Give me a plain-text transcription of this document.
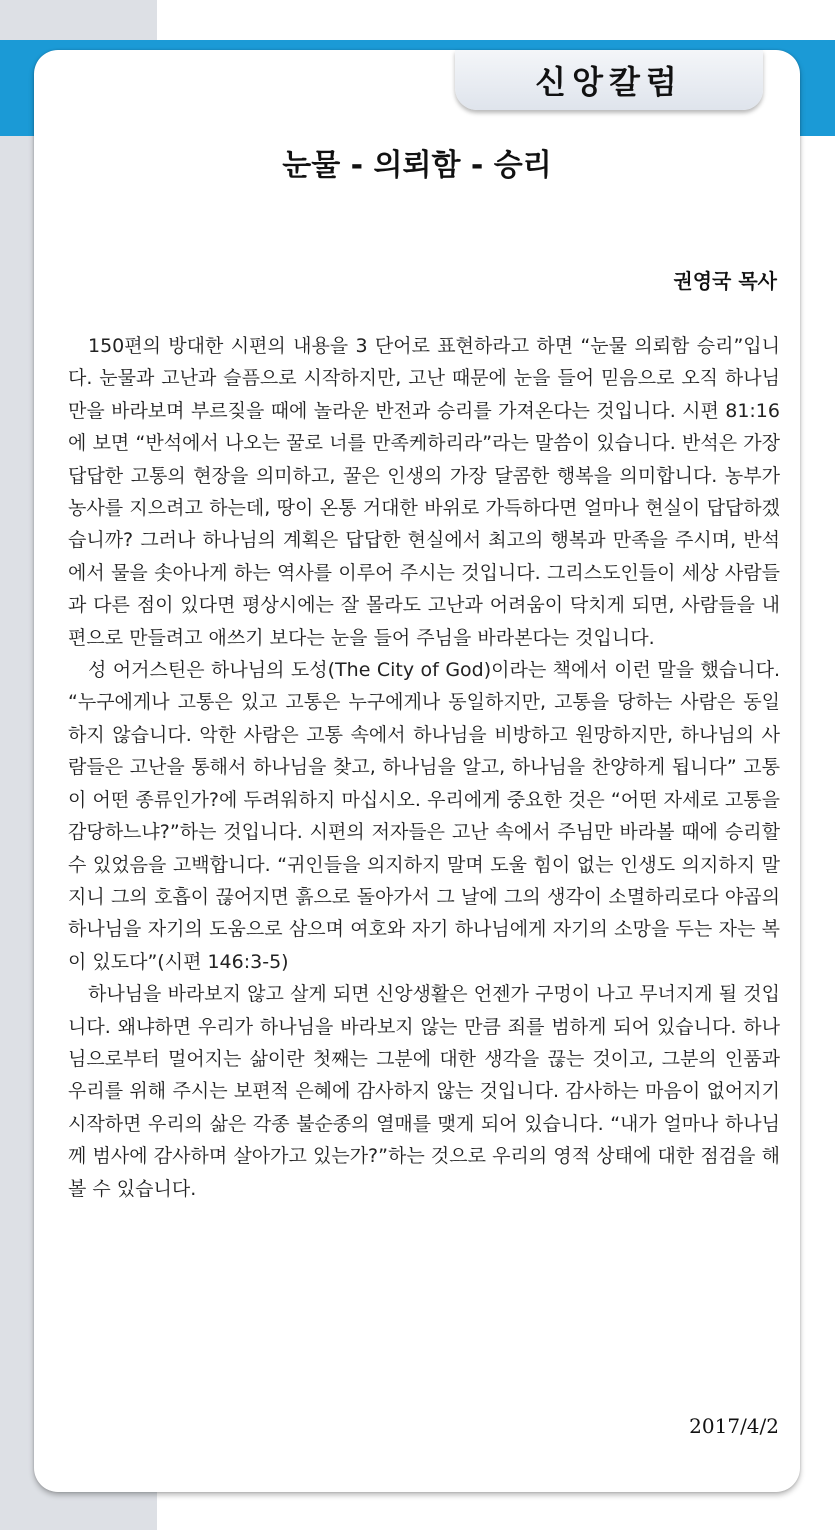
신앙칼럼
눈물 - 의뢰함 - 승리
권영국 목사

150편의 방대한 시편의 내용을 3 단어로 표현하라고 하면 “눈물 의뢰함 승리”입니다. 눈물과 고난과 슬픔으로 시작하지만, 고난 때문에 눈을 들어 믿음으로 오직 하나님만을 바라보며 부르짖을 때에 놀라운 반전과 승리를 가져온다는 것입니다. 시편 81:16에 보면 “반석에서 나오는 꿀로 너를 만족케하리라”라는 말씀이 있습니다. 반석은 가장 답답한 고통의 현장을 의미하고, 꿀은 인생의 가장 달콤한 행복을 의미합니다. 농부가 농사를 지으려고 하는데, 땅이 온통 거대한 바위로 가득하다면 얼마나 현실이 답답하겠습니까? 그러나 하나님의 계획은 답답한 현실에서 최고의 행복과 만족을 주시며, 반석에서 물을 솟아나게 하는 역사를 이루어 주시는 것입니다. 그리스도인들이 세상 사람들과 다른 점이 있다면 평상시에는 잘 몰라도 고난과 어려움이 닥치게 되면, 사람들을 내편으로 만들려고 애쓰기 보다는 눈을 들어 주님을 바라본다는 것입니다.

성 어거스틴은 하나님의 도성(The City of God)이라는 책에서 이런 말을 했습니다. “누구에게나 고통은 있고 고통은 누구에게나 동일하지만, 고통을 당하는 사람은 동일하지 않습니다. 악한 사람은 고통 속에서 하나님을 비방하고 원망하지만, 하나님의 사람들은 고난을 통해서 하나님을 찾고, 하나님을 알고, 하나님을 찬양하게 됩니다” 고통이 어떤 종류인가?에 두려워하지 마십시오. 우리에게 중요한 것은 “어떤 자세로 고통을 감당하느냐?”하는 것입니다. 시편의 저자들은 고난 속에서 주님만 바라볼 때에 승리할 수 있었음을 고백합니다. “귀인들을 의지하지 말며 도울 힘이 없는 인생도 의지하지 말지니 그의 호흡이 끊어지면 흙으로 돌아가서 그 날에 그의 생각이 소멸하리로다 야곱의 하나님을 자기의 도움으로 삼으며 여호와 자기 하나님에게 자기의 소망을 두는 자는 복이 있도다”(시편 146:3-5)

하나님을 바라보지 않고 살게 되면 신앙생활은 언젠가 구멍이 나고 무너지게 될 것입니다. 왜냐하면 우리가 하나님을 바라보지 않는 만큼 죄를 범하게 되어 있습니다. 하나님으로부터 멀어지는 삶이란 첫째는 그분에 대한 생각을 끊는 것이고, 그분의 인품과 우리를 위해 주시는 보편적 은혜에 감사하지 않는 것입니다. 감사하는 마음이 없어지기 시작하면 우리의 삶은 각종 불순종의 열매를 맺게 되어 있습니다. “내가 얼마나 하나님께 범사에 감사하며 살아가고 있는가?”하는 것으로 우리의 영적 상태에 대한 점검을 해 볼 수 있습니다.

2017/4/2
